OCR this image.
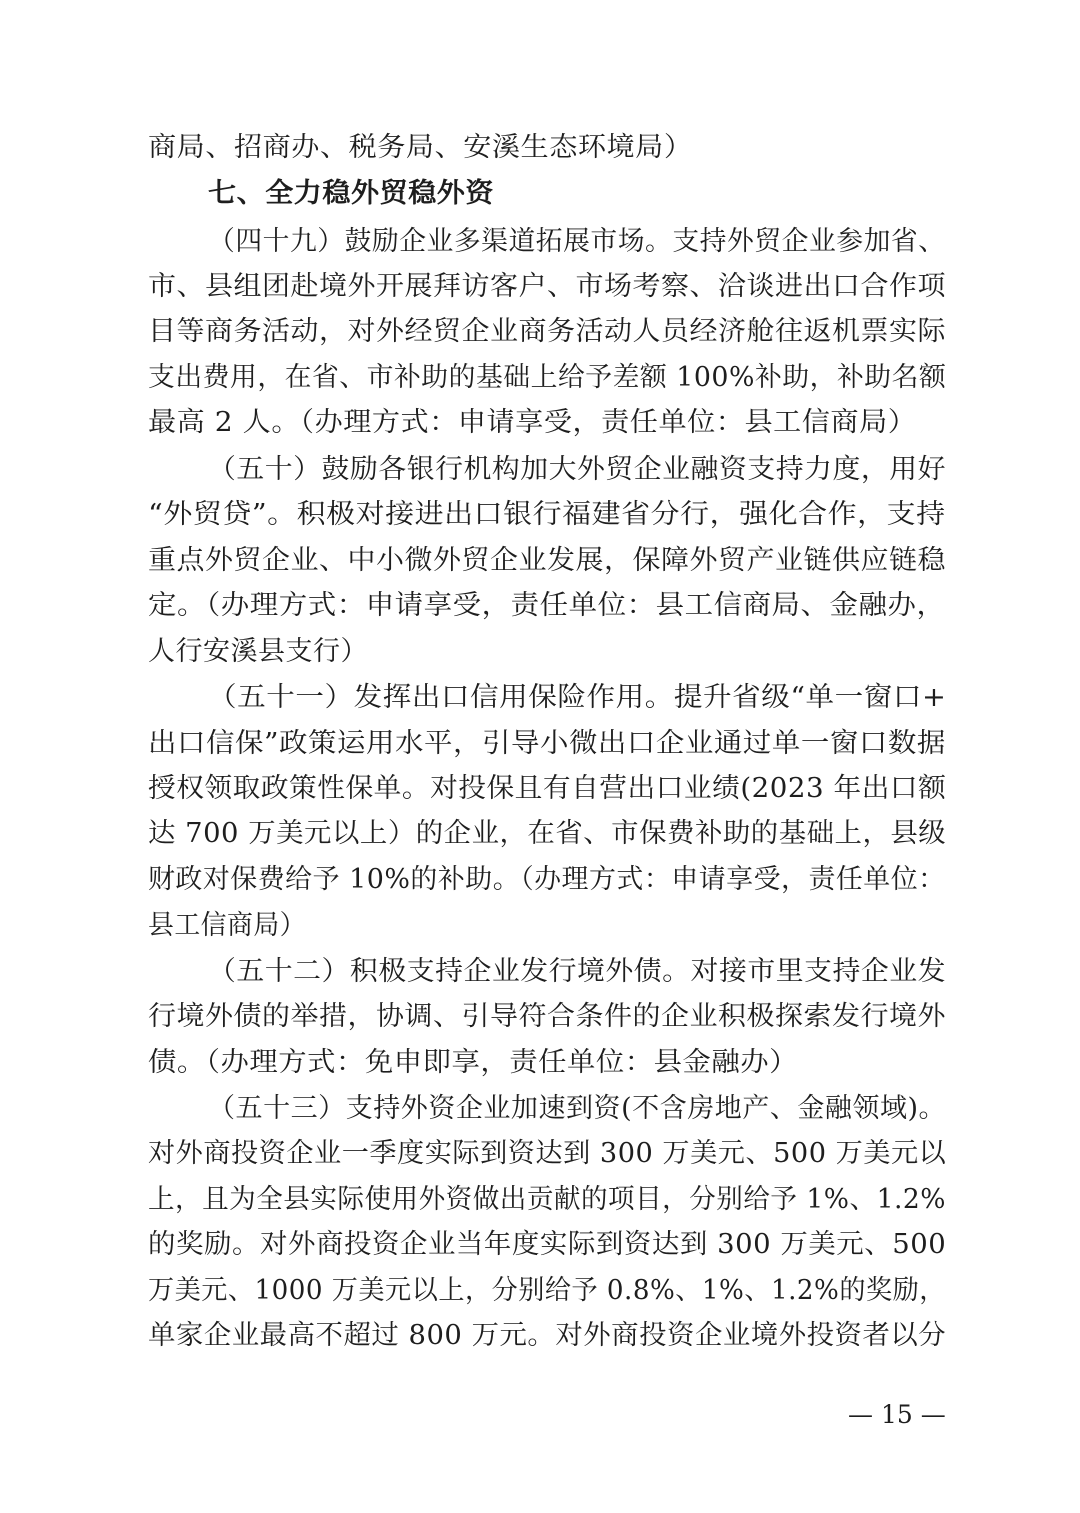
商局、招商办、税务局、安溪生态环境局）
七、全力稳外贸稳外资
（四十九）鼓励企业多渠道拓展市场。支持外贸企业参加省、
市、县组团赴境外开展拜访客户、市场考察、洽谈进出口合作项
目等商务活动，对外经贸企业商务活动人员经济舱往返机票实际
支出费用，在省、市补助的基础上给予差额 100%补助，补助名额
最高 2 人。（办理方式：申请享受，责任单位：县工信商局）
（五十）鼓励各银行机构加大外贸企业融资支持力度，用好
“外贸贷”。积极对接进出口银行福建省分行，强化合作，支持
重点外贸企业、中小微外贸企业发展，保障外贸产业链供应链稳
定。（办理方式：申请享受，责任单位：县工信商局、金融办，
人行安溪县支行）
（五十一）发挥出口信用保险作用。提升省级“单一窗口+
出口信保”政策运用水平，引导小微出口企业通过单一窗口数据
授权领取政策性保单。对投保且有自营出口业绩(2023 年出口额
达 700 万美元以上）的企业，在省、市保费补助的基础上，县级
财政对保费给予 10%的补助。（办理方式：申请享受，责任单位：
县工信商局）
（五十二）积极支持企业发行境外债。对接市里支持企业发
行境外债的举措，协调、引导符合条件的企业积极探索发行境外
债。（办理方式：免申即享，责任单位：县金融办）
（五十三）支持外资企业加速到资(不含房地产、金融领域)。
对外商投资企业一季度实际到资达到 300 万美元、500 万美元以
上，且为全县实际使用外资做出贡献的项目，分别给予 1%、1.2%
的奖励。对外商投资企业当年度实际到资达到 300 万美元、500
万美元、1000 万美元以上，分别给予 0.8%、1%、1.2%的奖励，
单家企业最高不超过 800 万元。对外商投资企业境外投资者以分
— 15 —
